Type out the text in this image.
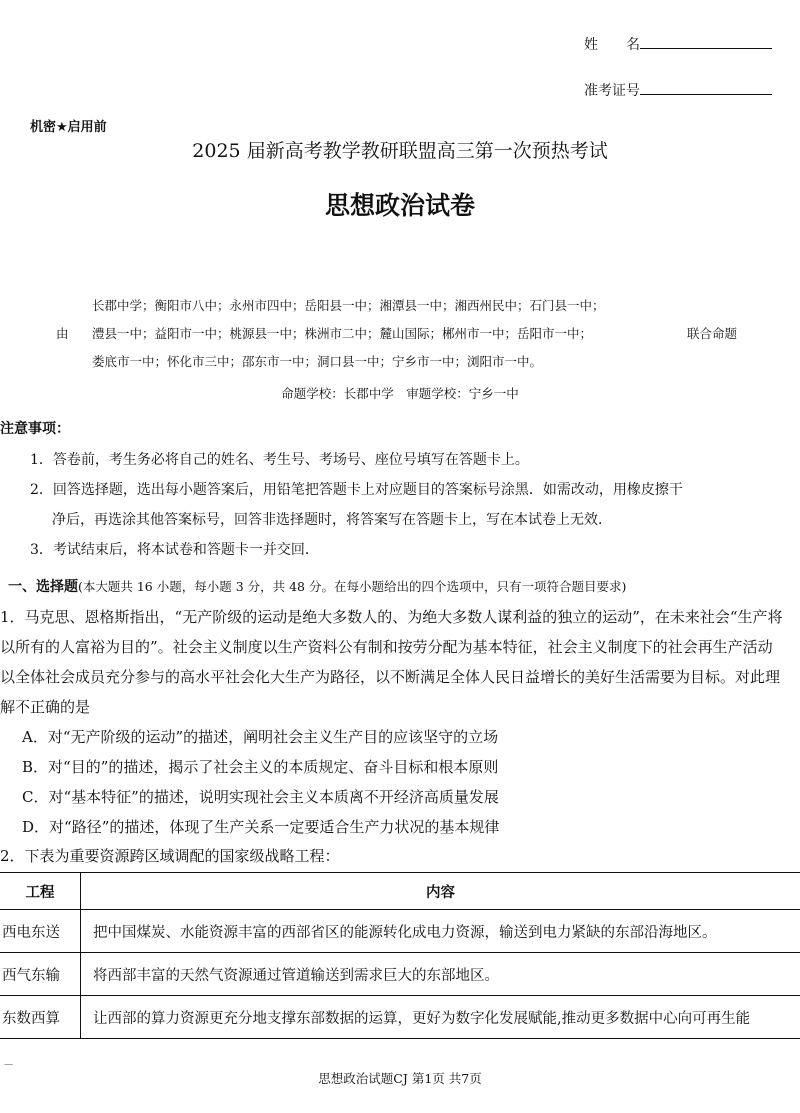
姓　　名
准考证号
机密★启用前
2025 届新高考教学教研联盟高三第一次预热考试
思想政治试卷
长郡中学；衡阳市八中；永州市四中；岳阳县一中；湘潭县一中；湘西州民中；石门县一中；
由 澧县一中；益阳市一中；桃源县一中；株洲市二中；麓山国际；郴州市一中；岳阳市一中；	联合命题
娄底市一中；怀化市三中；邵东市一中；洞口县一中；宁乡市一中；浏阳市一中。
命题学校：长郡中学　审题学校：宁乡一中
注意事项：
1．答卷前，考生务必将自己的姓名、考生号、考场号、座位号填写在答题卡上。
2．回答选择题，选出每小题答案后，用铅笔把答题卡上对应题目的答案标号涂黑．如需改动，用橡皮擦干
净后，再选涂其他答案标号，回答非选择题时，将答案写在答题卡上，写在本试卷上无效．
3．考试结束后，将本试卷和答题卡一并交回．
一、选择题(本大题共 16 小题，每小题 3 分，共 48 分。在每小题给出的四个选项中，只有一项符合题目要求)
1．马克思、恩格斯指出，“无产阶级的运动是绝大多数人的、为绝大多数人谋利益的独立的运动”，在未来社会“生产将
以所有的人富裕为目的”。社会主义制度以生产资料公有制和按劳分配为基本特征，社会主义制度下的社会再生产活动
以全体社会成员充分参与的高水平社会化大生产为路径，以不断满足全体人民日益增长的美好生活需要为目标。对此理
解不正确的是
A．对“无产阶级的运动”的描述，阐明社会主义生产目的应该坚守的立场
B．对“目的”的描述，揭示了社会主义的本质规定、奋斗目标和根本原则
C．对“基本特征”的描述，说明实现社会主义本质离不开经济高质量发展
D．对“路径”的描述，体现了生产关系一定要适合生产力状况的基本规律
2．下表为重要资源跨区域调配的国家级战略工程：
工程	内容
西电东送	把中国煤炭、水能资源丰富的西部省区的能源转化成电力资源，输送到电力紧缺的东部沿海地区。
西气东输	将西部丰富的天然气资源通过管道输送到需求巨大的东部地区。
东数西算	让西部的算力资源更充分地支撑东部数据的运算，更好为数字化发展赋能,推动更多数据中心向可再生能
—
思想政治试题CJ 第1页 共7页
